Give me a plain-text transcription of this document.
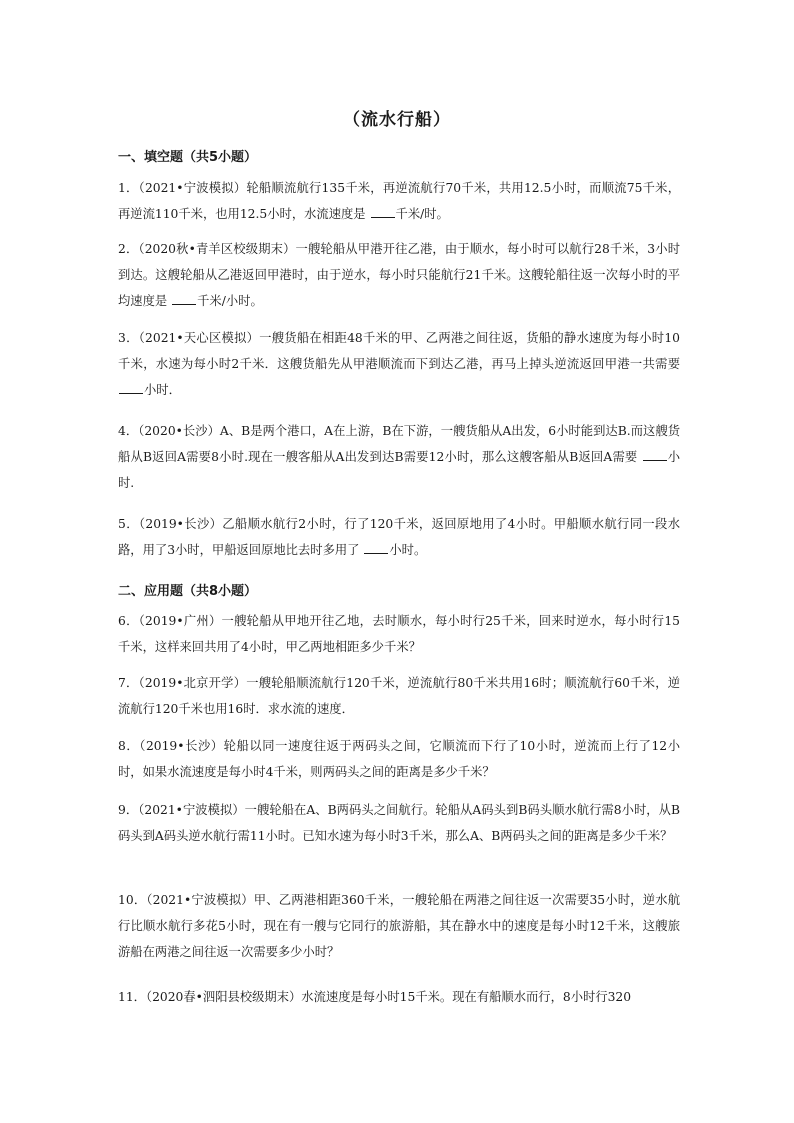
（流水行船）
一、填空题（共5小题）
1．（2021•宁波模拟）轮船顺流航行135千米，再逆流航行70千米，共用12.5小时，而顺流75千米，再逆流110千米，也用12.5小时，水流速度是 千米/时。
2．（2020秋•青羊区校级期末）一艘轮船从甲港开往乙港，由于顺水，每小时可以航行28千米，3小时到达。这艘轮船从乙港返回甲港时，由于逆水，每小时只能航行21千米。这艘轮船往返一次每小时的平均速度是 千米/小时。
3．（2021•天心区模拟）一艘货船在相距48千米的甲、乙两港之间往返，货船的静水速度为每小时10千米，水速为每小时2千米．这艘货船先从甲港顺流而下到达乙港，再马上掉头逆流返回甲港一共需要 小时．
4．（2020•长沙）A、B是两个港口，A在上游，B在下游，一艘货船从A出发，6小时能到达B.而这艘货船从B返回A需要8小时.现在一艘客船从A出发到达B需要12小时，那么这艘客船从B返回A需要 小时.
5．（2019•长沙）乙船顺水航行2小时，行了120千米，返回原地用了4小时。甲船顺水航行同一段水路，用了3小时，甲船返回原地比去时多用了 小时。
二、应用题（共8小题）
6．（2019•广州）一艘轮船从甲地开往乙地，去时顺水，每小时行25千米，回来时逆水，每小时行15千米，这样来回共用了4小时，甲乙两地相距多少千米？
7．（2019•北京开学）一艘轮船顺流航行120千米，逆流航行80千米共用16时；顺流航行60千米，逆流航行120千米也用16时．求水流的速度．
8．（2019•长沙）轮船以同一速度往返于两码头之间，它顺流而下行了10小时，逆流而上行了12小时，如果水流速度是每小时4千米，则两码头之间的距离是多少千米？
9．（2021•宁波模拟）一艘轮船在A、B两码头之间航行。轮船从A码头到B码头顺水航行需8小时，从B码头到A码头逆水航行需11小时。已知水速为每小时3千米，那么A、B两码头之间的距离是多少千米？
10．（2021•宁波模拟）甲、乙两港相距360千米，一艘轮船在两港之间往返一次需要35小时，逆水航行比顺水航行多花5小时，现在有一艘与它同行的旅游船，其在静水中的速度是每小时12千米，这艘旅游船在两港之间往返一次需要多少小时？
11．（2020春•泗阳县校级期末）水流速度是每小时15千米。现在有船顺水而行，8小时行320
